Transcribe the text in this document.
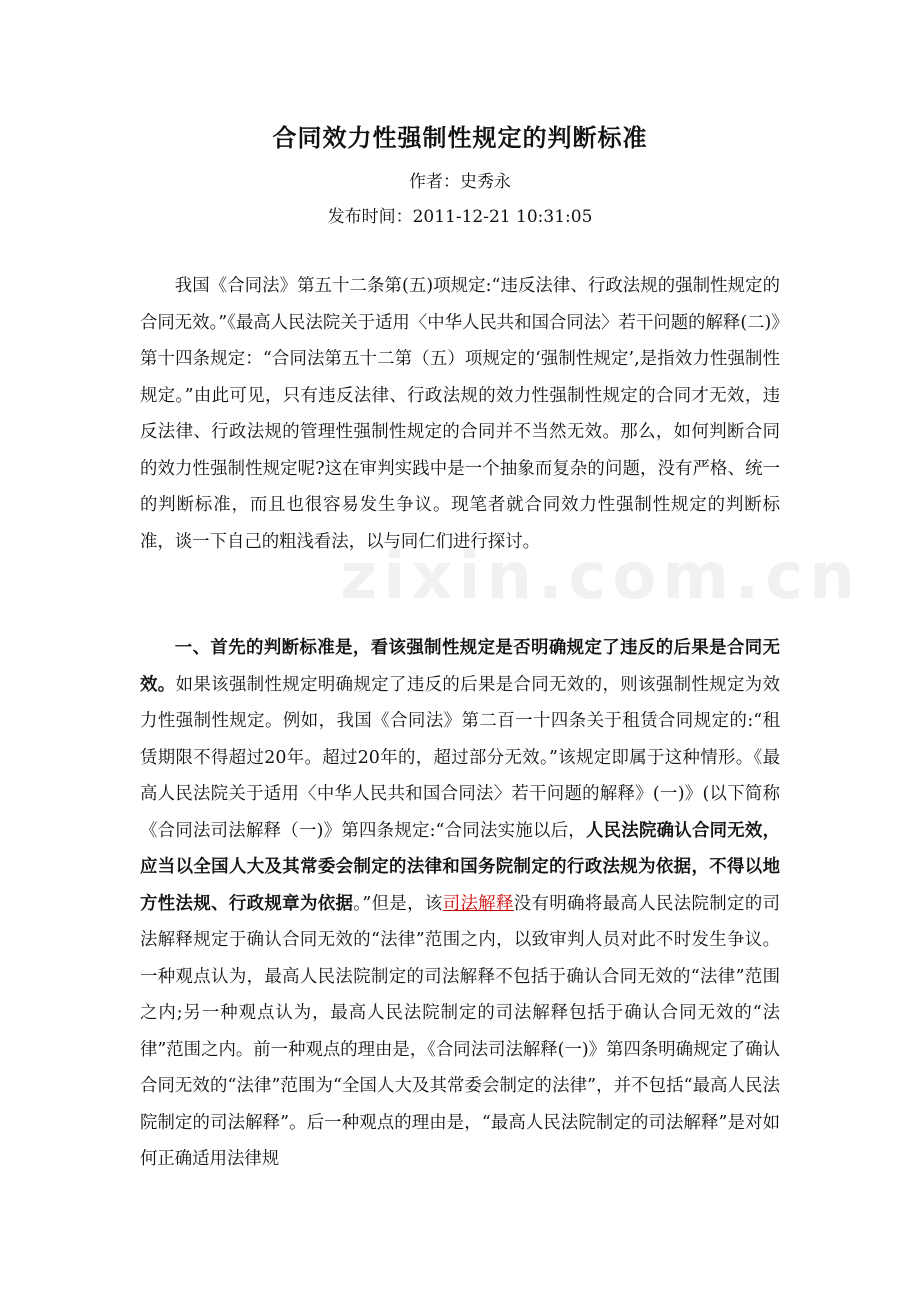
合同效力性强制性规定的判断标准
作者：史秀永
发布时间：2011-12-21 10:31:05

我国《合同法》第五十二条第(五)项规定:“违反法律、行政法规的强制性规定的合同无效。”《最高人民法院关于适用〈中华人民共和国合同法〉若干问题的解释(二)》第十四条规定：“合同法第五十二第（五）项规定的‘强制性规定’,是指效力性强制性规定。”由此可见，只有违反法律、行政法规的效力性强制性规定的合同才无效，违反法律、行政法规的管理性强制性规定的合同并不当然无效。那么，如何判断合同的效力性强制性规定呢?这在审判实践中是一个抽象而复杂的问题，没有严格、统一的判断标准，而且也很容易发生争议。现笔者就合同效力性强制性规定的判断标准，谈一下自己的粗浅看法，以与同仁们进行探讨。

zixin.com.cn

一、首先的判断标准是，看该强制性规定是否明确规定了违反的后果是合同无效。如果该强制性规定明确规定了违反的后果是合同无效的，则该强制性规定为效力性强制性规定。例如，我国《合同法》第二百一十四条关于租赁合同规定的:“租赁期限不得超过20年。超过20年的，超过部分无效。”该规定即属于这种情形。《最高人民法院关于适用〈中华人民共和国合同法〉若干问题的解释》(一)》(以下简称《合同法司法解释（一)》第四条规定:“合同法实施以后，人民法院确认合同无效，应当以全国人大及其常委会制定的法律和国务院制定的行政法规为依据，不得以地方性法规、行政规章为依据。”但是，该司法解释没有明确将最高人民法院制定的司法解释规定于确认合同无效的“法律”范围之内，以致审判人员对此不时发生争议。一种观点认为，最高人民法院制定的司法解释不包括于确认合同无效的“法律”范围之内;另一种观点认为，最高人民法院制定的司法解释包括于确认合同无效的“法律”范围之内。前一种观点的理由是，《合同法司法解释(一)》第四条明确规定了确认合同无效的“法律”范围为“全国人大及其常委会制定的法律”，并不包括“最高人民法院制定的司法解释”。后一种观点的理由是，“最高人民法院制定的司法解释”是对如何正确适用法律规
